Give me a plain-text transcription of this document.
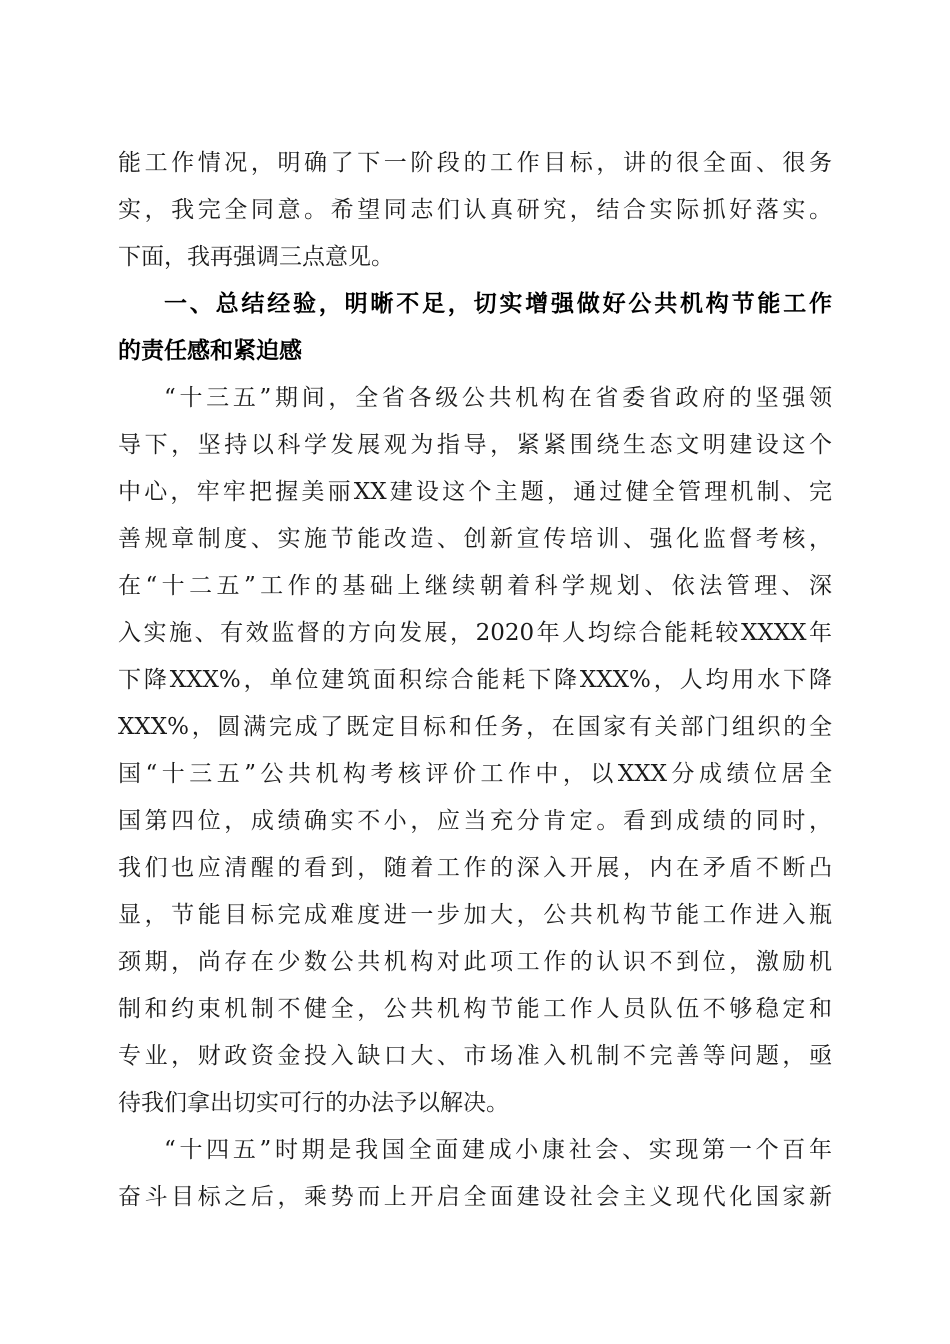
能工作情况，明确了下一阶段的工作目标，讲的很全面、很务
实，我完全同意。希望同志们认真研究，结合实际抓好落实。
下面，我再强调三点意见。
一、总结经验，明晰不足，切实增强做好公共机构节能工作
的责任感和紧迫感
“十三五”期间，全省各级公共机构在省委省政府的坚强领
导下，坚持以科学发展观为指导，紧紧围绕生态文明建设这个
中心，牢牢把握美丽XX建设这个主题，通过健全管理机制、完
善规章制度、实施节能改造、创新宣传培训、强化监督考核，
在“十二五”工作的基础上继续朝着科学规划、依法管理、深
入实施、有效监督的方向发展，2020年人均综合能耗较XXXX年
下降XXX%，单位建筑面积综合能耗下降XXX%，人均用水下降
XXX%，圆满完成了既定目标和任务，在国家有关部门组织的全
国“十三五”公共机构考核评价工作中，以XXX分成绩位居全
国第四位，成绩确实不小，应当充分肯定。看到成绩的同时，
我们也应清醒的看到，随着工作的深入开展，内在矛盾不断凸
显，节能目标完成难度进一步加大，公共机构节能工作进入瓶
颈期，尚存在少数公共机构对此项工作的认识不到位，激励机
制和约束机制不健全，公共机构节能工作人员队伍不够稳定和
专业，财政资金投入缺口大、市场准入机制不完善等问题，亟
待我们拿出切实可行的办法予以解决。
“十四五”时期是我国全面建成小康社会、实现第一个百年
奋斗目标之后，乘势而上开启全面建设社会主义现代化国家新
